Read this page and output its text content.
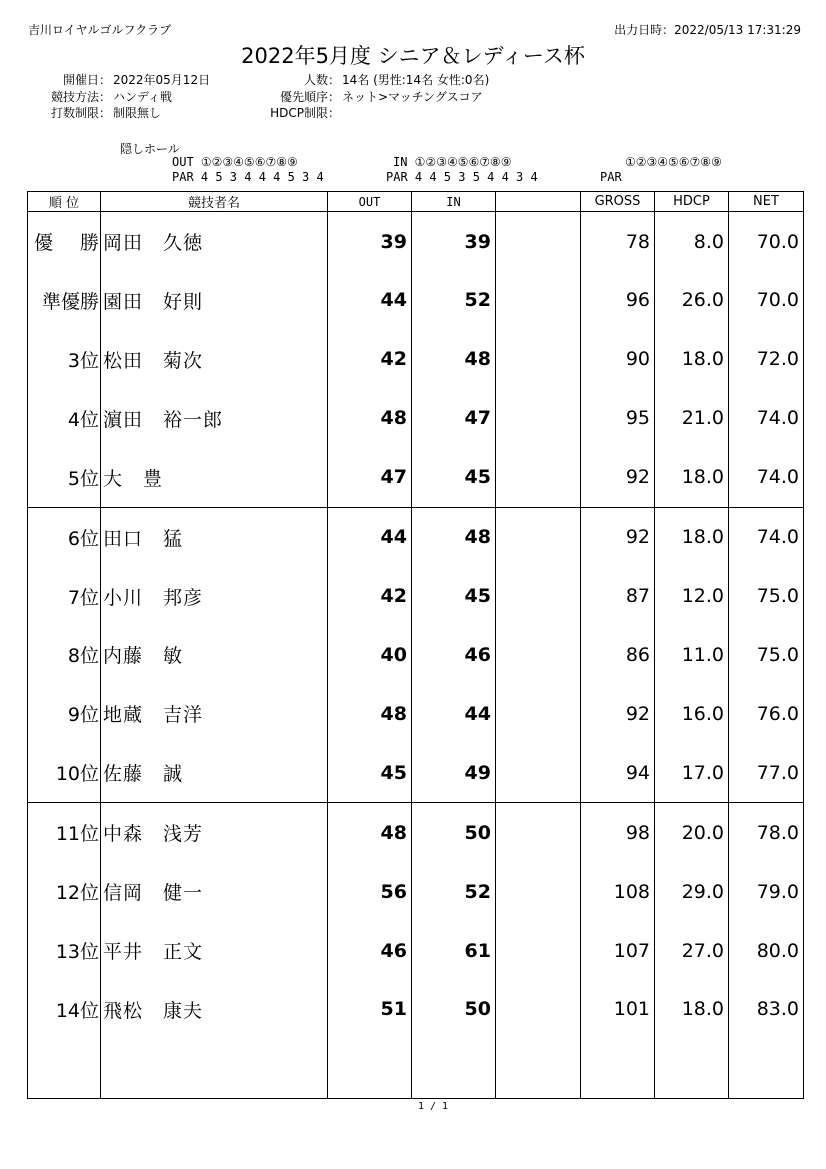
吉川ロイヤルゴルフクラブ	出力日時：2022/05/13 17:31:29
2022年5月度 シニア＆レディース杯
開催日： 2022年05月12日
競技方法： ハンディ戦
打数制限： 制限無し
人数： 14名 (男性:14名 女性:0名)
優先順序： ネット>マッチングスコア
HDCP制限：
隠しホール
OUT ①②③④⑤⑥⑦⑧⑨
PAR 4 5 3 4 4 4 5 3 4
IN ①②③④⑤⑥⑦⑧⑨
PAR 4 4 5 3 5 4 4 3 4
①②③④⑤⑥⑦⑧⑨
PAR
順 位	競技者名	OUT	IN		GROSS	HDCP	NET
優 勝	岡田　久徳	39	39		78	8.0	70.0
準優勝	園田　好則	44	52		96	26.0	70.0
3位	松田　菊次	42	48		90	18.0	72.0
4位	濵田　裕一郎	48	47		95	21.0	74.0
5位	大　豊	47	45		92	18.0	74.0
6位	田口　猛	44	48		92	18.0	74.0
7位	小川　邦彦	42	45		87	12.0	75.0
8位	内藤　敏	40	46		86	11.0	75.0
9位	地蔵　吉洋	48	44		92	16.0	76.0
10位	佐藤　誠	45	49		94	17.0	77.0
11位	中森　浅芳	48	50		98	20.0	78.0
12位	信岡　健一	56	52		108	29.0	79.0
13位	平井　正文	46	61		107	27.0	80.0
14位	飛松　康夫	51	50		101	18.0	83.0

1 / 1
